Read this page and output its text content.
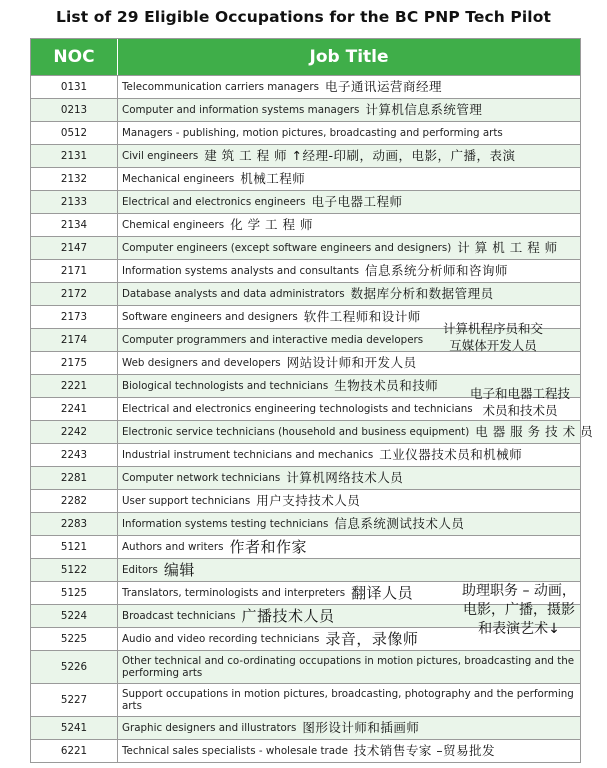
List of 29 Eligible Occupations for the BC PNP Tech Pilot
NOC	Job Title
0131	Telecommunication carriers managers 电子通讯运营商经理
0213	Computer and information systems managers 计算机信息系统管理
0512	Managers - publishing, motion pictures, broadcasting and performing arts
2131	Civil engineers 建 筑 工 程 师 ↑经理-印刷，动画，电影，广播，表演
2132	Mechanical engineers 机械工程师
2133	Electrical and electronics engineers 电子电器工程师
2134	Chemical engineers 化 学 工 程 师
2147	Computer engineers (except software engineers and designers) 计 算 机 工 程 师
2171	Information systems analysts and consultants 信息系统分析师和咨询师
2172	Database analysts and data administrators 数据库分析和数据管理员
2173	Software engineers and designers 软件工程师和设计师
2174	Computer programmers and interactive media developers
2175	Web designers and developers 网站设计师和开发人员
2221	Biological technologists and technicians 生物技术员和技师
2241	Electrical and electronics engineering technologists and technicians
2242	Electronic service technicians (household and business equipment) 电 器 服 务 技 术 员
2243	Industrial instrument technicians and mechanics 工业仪器技术员和机械师
2281	Computer network technicians 计算机网络技术人员
2282	User support technicians 用户支持技术人员
2283	Information systems testing technicians 信息系统测试技术人员
5121	Authors and writers 作者和作家
5122	Editors 编辑
5125	Translators, terminologists and interpreters 翻译人员
5224	Broadcast technicians 广播技术人员
5225	Audio and video recording technicians 录音，录像师
5226	Other technical and co-ordinating occupations in motion pictures, broadcasting and the performing arts
5227	Support occupations in motion pictures, broadcasting, photography and the performing arts
5241	Graphic designers and illustrators 图形设计师和插画师
6221	Technical sales specialists - wholesale trade 技术销售专家 –贸易批发
计算机程序员和交
互媒体开发人员
电子和电器工程技
术员和技术员
助理职务 – 动画，
电影，广播，摄影
和表演艺术↓
